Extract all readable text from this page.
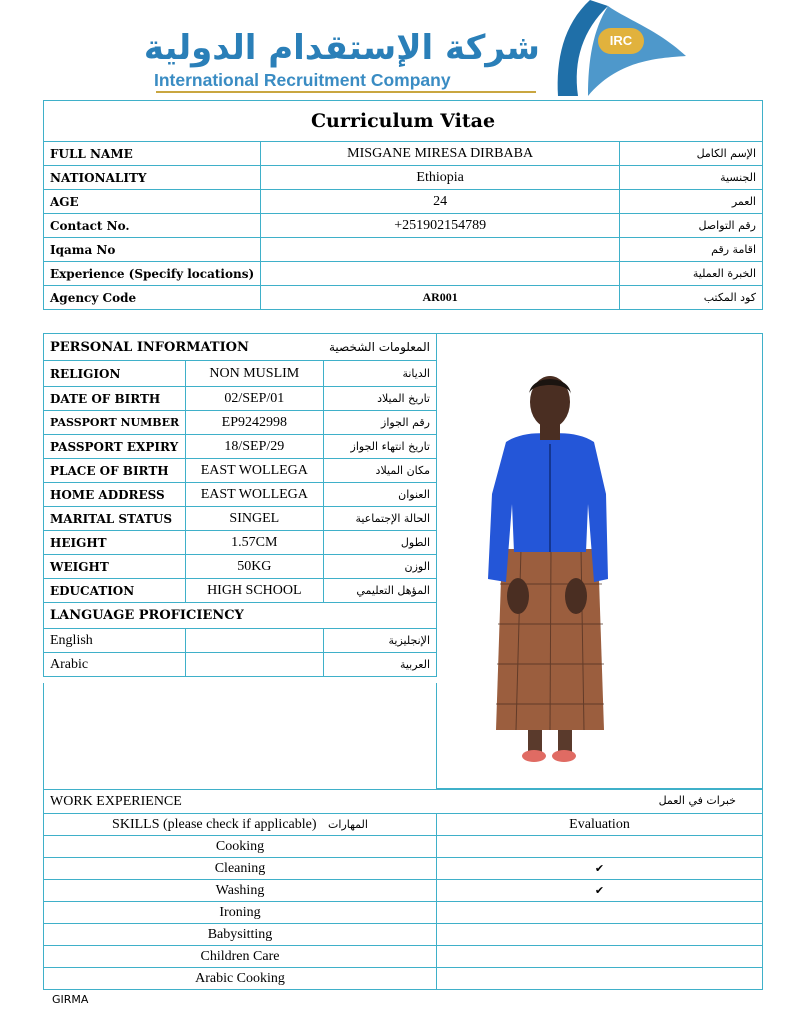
شركة الإستقدام الدولية
International Recruitment Company
IRC
Curriculum Vitae		
FULL NAME	MISGANE MIRESA DIRBABA	الإسم الكامل
NATIONALITY	Ethiopia	الجنسية
AGE	24	العمر
Contact No.	+251902154789	رقم التواصل
Iqama No		اقامة رقم
Experience (Specify locations)		الخبرة العملية
Agency Code	AR001	كود المكتب
PERSONAL INFORMATION		المعلومات الشخصية
RELIGION	NON MUSLIM	الديانة
DATE OF BIRTH	02/SEP/01	تاريخ الميلاد
PASSPORT NUMBER	EP9242998	رقم الجواز
PASSPORT EXPIRY	18/SEP/29	تاريخ انتهاء الجواز
PLACE OF BIRTH	EAST WOLLEGA	مكان الميلاد
HOME ADDRESS	EAST WOLLEGA	العنوان
MARITAL STATUS	SINGEL	الحالة الإجتماعية
HEIGHT	1.57CM	الطول
WEIGHT	50KG	الوزن
EDUCATION	HIGH SCHOOL	المؤهل التعليمي
LANGUAGE PROFICIENCY		
English		الإنجليزية
Arabic		العربية
WORK EXPERIENCE خبرات في العمل	

SKILLS (please check if applicable) المهارات	Evaluation
Cooking	
Cleaning	✔
Washing	✔
Ironing	
Babysitting	
Children Care	
Arabic Cooking	
GIRMA
